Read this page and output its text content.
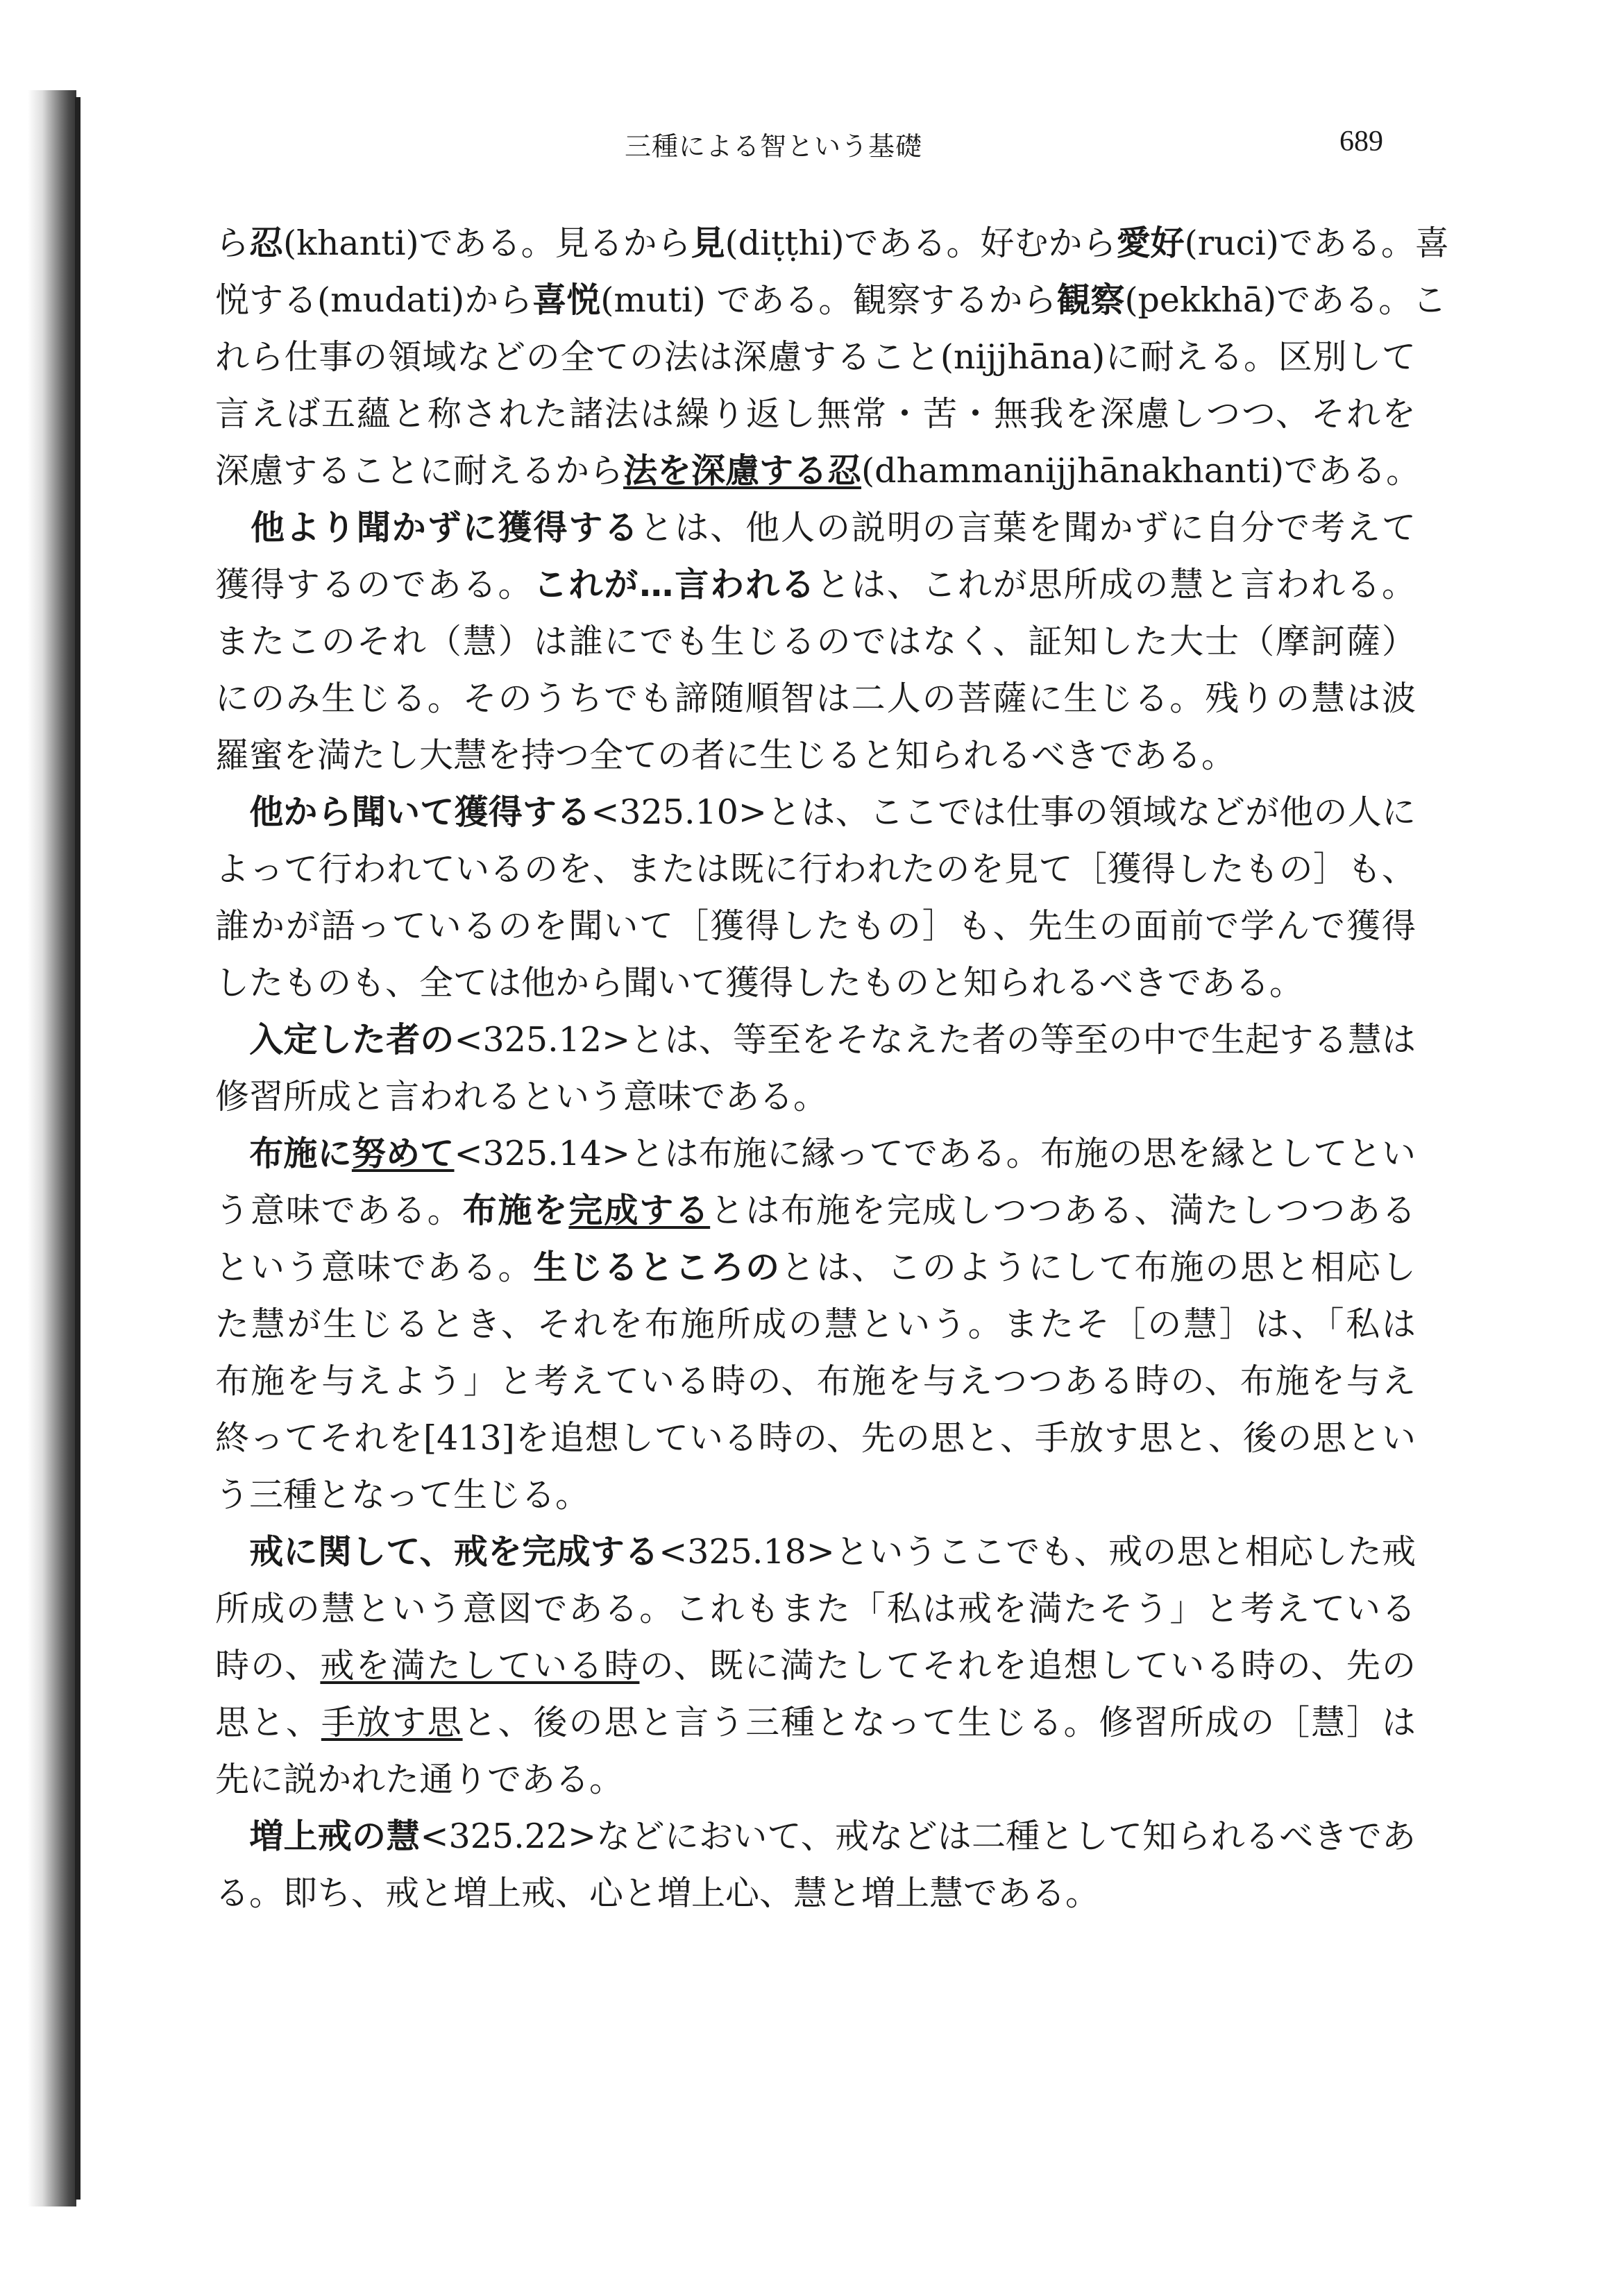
三種による智という基礎	689
ら忍(khanti)である。見るから見(diṭṭhi)である。好むから愛好(ruci)である。喜
悦する(mudati)から喜悦(muti) である。観察するから観察(pekkhā)である。こ
れら仕事の領域などの全ての法は深慮すること(nijjhāna)に耐える。区別して
言えば五蘊と称された諸法は繰り返し無常・苦・無我を深慮しつつ、それを
深慮することに耐えるから法を深慮する忍(dhammanijjhānakhanti)である。
　他より聞かずに獲得するとは、他人の説明の言葉を聞かずに自分で考えて
獲得するのである。これが…言われるとは、これが思所成の慧と言われる。
またこのそれ（慧）は誰にでも生じるのではなく、証知した大士（摩訶薩）
にのみ生じる。そのうちでも諦随順智は二人の菩薩に生じる。残りの慧は波
羅蜜を満たし大慧を持つ全ての者に生じると知られるべきである。
　他から聞いて獲得する<325.10>とは、ここでは仕事の領域などが他の人に
よって行われているのを、または既に行われたのを見て［獲得したもの］も、
誰かが語っているのを聞いて［獲得したもの］も、先生の面前で学んで獲得
したものも、全ては他から聞いて獲得したものと知られるべきである。
　入定した者の<325.12>とは、等至をそなえた者の等至の中で生起する慧は
修習所成と言われるという意味である。
　布施に努めて<325.14>とは布施に縁ってである。布施の思を縁としてとい
う意味である。布施を完成するとは布施を完成しつつある、満たしつつある
という意味である。生じるところのとは、このようにして布施の思と相応し
た慧が生じるとき、それを布施所成の慧という。またそ［の慧］は、「私は
布施を与えよう」と考えている時の、布施を与えつつある時の、布施を与え
終ってそれを[413]を追想している時の、先の思と、手放す思と、後の思とい
う三種となって生じる。
　戒に関して、戒を完成する<325.18>というここでも、戒の思と相応した戒
所成の慧という意図である。これもまた「私は戒を満たそう」と考えている
時の、戒を満たしている時の、既に満たしてそれを追想している時の、先の
思と、手放す思と、後の思と言う三種となって生じる。修習所成の［慧］は
先に説かれた通りである。
　増上戒の慧<325.22>などにおいて、戒などは二種として知られるべきであ
る。即ち、戒と増上戒、心と増上心、慧と増上慧である。
